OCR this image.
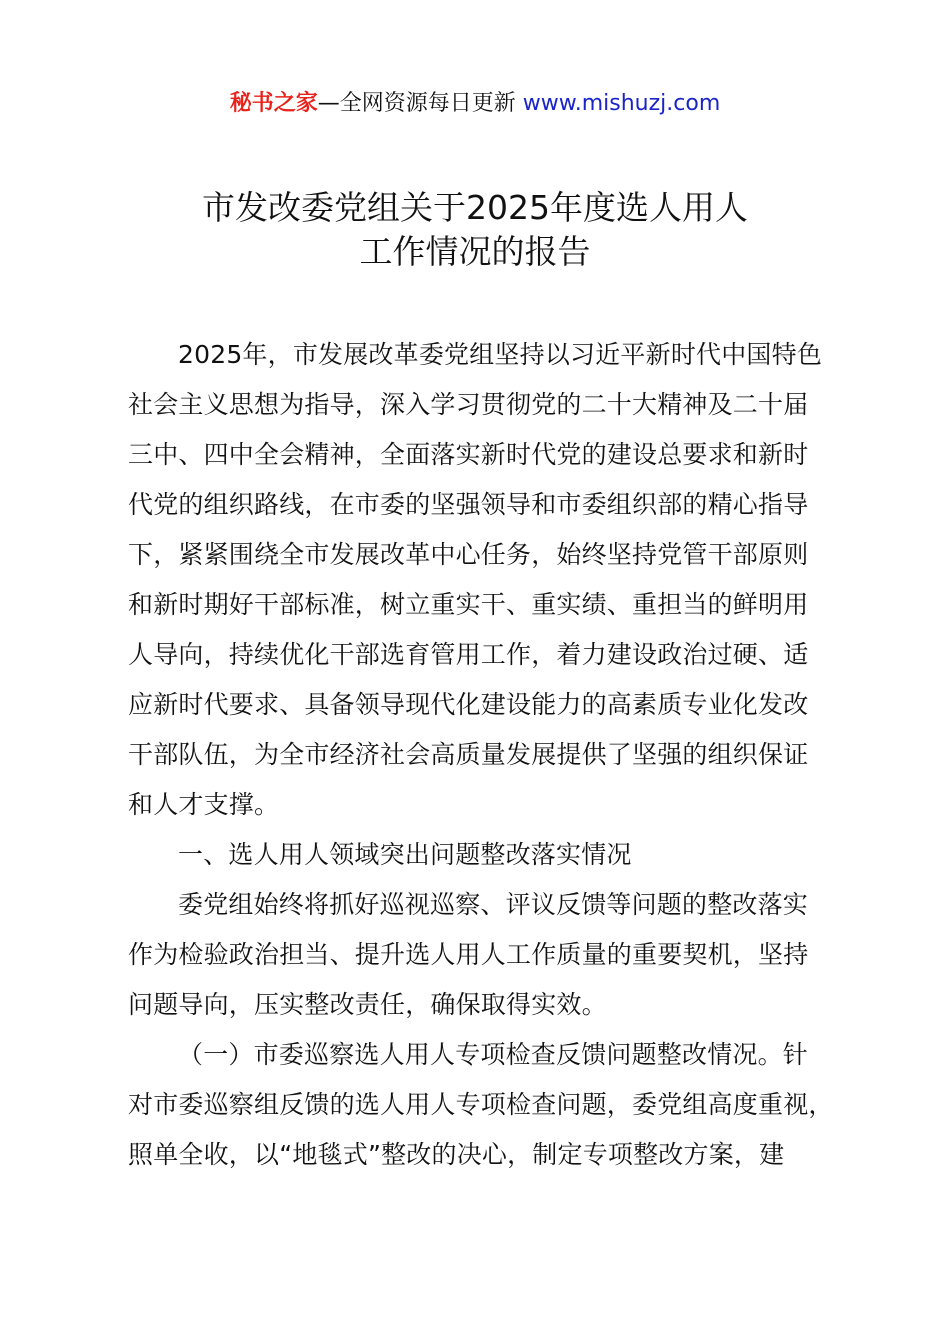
秘书之家—全网资源每日更新 www.mishuzj.com
市发改委党组关于2025年度选人用人
工作情况的报告
2025年，市发展改革委党组坚持以习近平新时代中国特色
社会主义思想为指导，深入学习贯彻党的二十大精神及二十届
三中、四中全会精神，全面落实新时代党的建设总要求和新时
代党的组织路线，在市委的坚强领导和市委组织部的精心指导
下，紧紧围绕全市发展改革中心任务，始终坚持党管干部原则
和新时期好干部标准，树立重实干、重实绩、重担当的鲜明用
人导向，持续优化干部选育管用工作，着力建设政治过硬、适
应新时代要求、具备领导现代化建设能力的高素质专业化发改
干部队伍，为全市经济社会高质量发展提供了坚强的组织保证
和人才支撑。
一、选人用人领域突出问题整改落实情况
委党组始终将抓好巡视巡察、评议反馈等问题的整改落实
作为检验政治担当、提升选人用人工作质量的重要契机，坚持
问题导向，压实整改责任，确保取得实效。
（一）市委巡察选人用人专项检查反馈问题整改情况。针
对市委巡察组反馈的选人用人专项检查问题，委党组高度重视，
照单全收，以“地毯式”整改的决心，制定专项整改方案，建
